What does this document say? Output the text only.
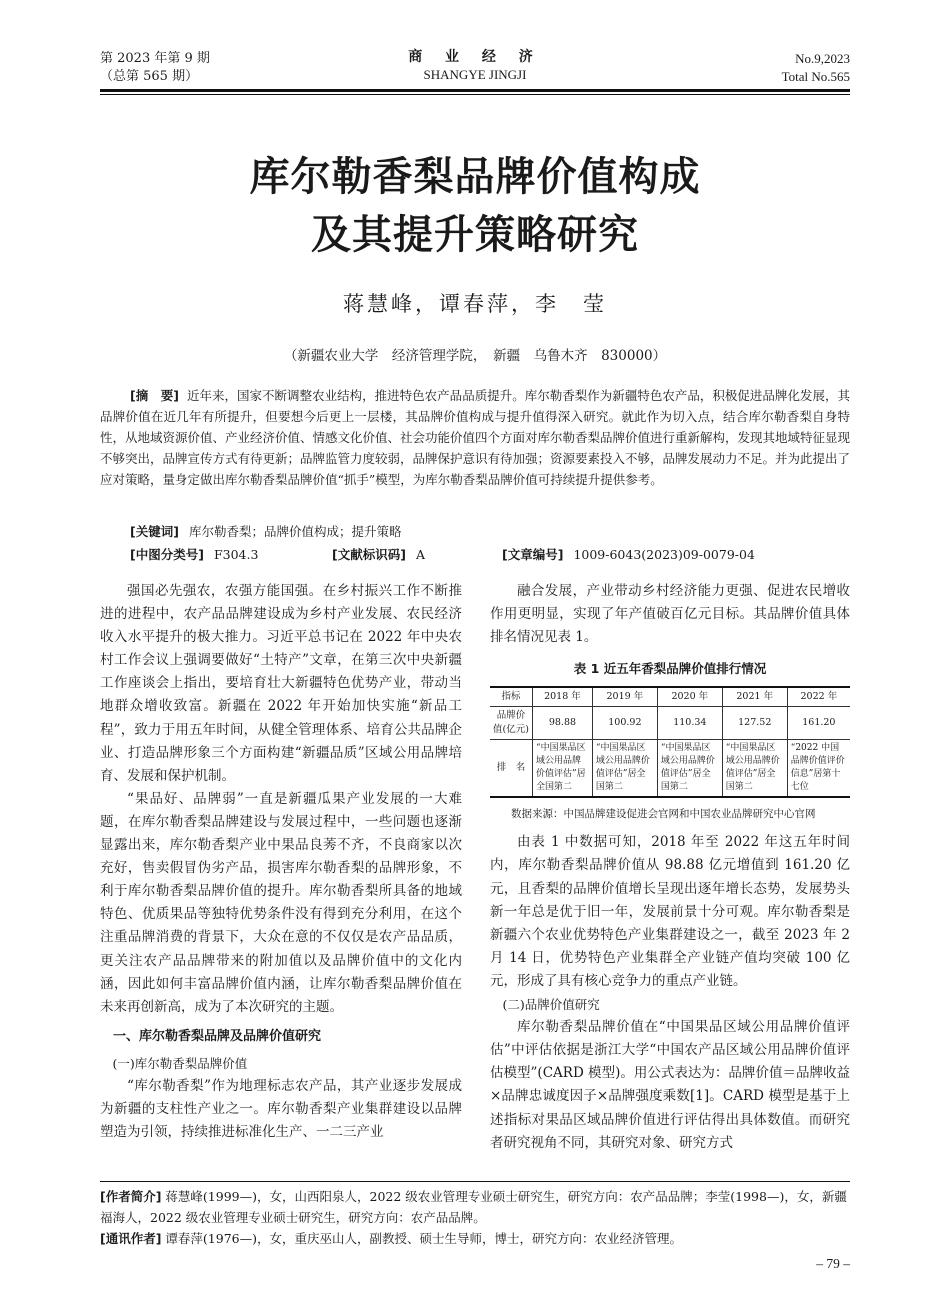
第 2023 年第 9 期
（总第 565 期）
商 业 经 济
SHANGYE JINGJI
No.9,2023
Total No.565
库尔勒香梨品牌价值构成
及其提升策略研究
蒋慧峰，谭春萍，李　莹
（新疆农业大学　经济管理学院，　新疆　乌鲁木齐　830000）
[摘　要] 近年来，国家不断调整农业结构，推进特色农产品品质提升。库尔勒香梨作为新疆特色农产品，积极促进品牌化发展，其品牌价值在近几年有所提升，但要想今后更上一层楼，其品牌价值构成与提升值得深入研究。就此作为切入点，结合库尔勒香梨自身特性，从地域资源价值、产业经济价值、情感文化价值、社会功能价值四个方面对库尔勒香梨品牌价值进行重新解构，发现其地域特征显现不够突出，品牌宣传方式有待更新；品牌监管力度较弱，品牌保护意识有待加强；资源要素投入不够，品牌发展动力不足。并为此提出了应对策略，量身定做出库尔勒香梨品牌价值“抓手”模型，为库尔勒香梨品牌价值可持续提升提供参考。
[关键词] 库尔勒香梨；品牌价值构成；提升策略
[中图分类号] F304.3	[文献标识码] A	[文章编号] 1009-6043(2023)09-0079-04

强国必先强农，农强方能国强。在乡村振兴工作不断推进的进程中，农产品品牌建设成为乡村产业发展、农民经济收入水平提升的极大推力。习近平总书记在 2022 年中央农村工作会议上强调要做好“土特产”文章，在第三次中央新疆工作座谈会上指出，要培育壮大新疆特色优势产业，带动当地群众增收致富。新疆在 2022 年开始加快实施“新品工程”，致力于用五年时间，从健全管理体系、培育公共品牌企业、打造品牌形象三个方面构建“新疆品质”区域公用品牌培育、发展和保护机制。

“果品好、品牌弱”一直是新疆瓜果产业发展的一大难题，在库尔勒香梨品牌建设与发展过程中，一些问题也逐渐显露出来，库尔勒香梨产业中果品良莠不齐，不良商家以次充好，售卖假冒伪劣产品，损害库尔勒香梨的品牌形象，不利于库尔勒香梨品牌价值的提升。库尔勒香梨所具备的地域特色、优质果品等独特优势条件没有得到充分利用，在这个注重品牌消费的背景下，大众在意的不仅仅是农产品品质，更关注农产品品牌带来的附加值以及品牌价值中的文化内涵，因此如何丰富品牌价值内涵，让库尔勒香梨品牌价值在未来再创新高，成为了本次研究的主题。

一、库尔勒香梨品牌及品牌价值研究

(一)库尔勒香梨品牌价值

“库尔勒香梨”作为地理标志农产品，其产业逐步发展成为新疆的支柱性产业之一。库尔勒香梨产业集群建设以品牌塑造为引领，持续推进标准化生产、一二三产业

融合发展，产业带动乡村经济能力更强、促进农民增收作用更明显，实现了年产值破百亿元目标。其品牌价值具体排名情况见表 1。

表 1 近五年香梨品牌价值排行情况
指标	2018 年	2019 年	2020 年	2021 年	2022 年
品牌价值(亿元)	98.88	100.92	110.34	127.52	161.20
排　名	“中国果品区域公用品牌价值评估”居全国第二	“中国果品区域公用品牌价值评估”居全国第二	“中国果品区域公用品牌价值评估”居全国第二	“中国果品区域公用品牌价值评估”居全国第二	“2022 中国品牌价值评价信息”居第十七位
数据来源：中国品牌建设促进会官网和中国农业品牌研究中心官网

由表 1 中数据可知，2018 年至 2022 年这五年时间内，库尔勒香梨品牌价值从 98.88 亿元增值到 161.20 亿元，且香梨的品牌价值增长呈现出逐年增长态势，发展势头新一年总是优于旧一年，发展前景十分可观。库尔勒香梨是新疆六个农业优势特色产业集群建设之一，截至 2023 年 2 月 14 日，优势特色产业集群全产业链产值均突破 100 亿元，形成了具有核心竞争力的重点产业链。

(二)品牌价值研究

库尔勒香梨品牌价值在“中国果品区域公用品牌价值评估”中评估依据是浙江大学“中国农产品区域公用品牌价值评估模型”(CARD 模型)。用公式表达为：品牌价值＝品牌收益×品牌忠诚度因子×品牌强度乘数[1]。CARD 模型是基于上述指标对果品区域品牌价值进行评估得出具体数值。而研究者研究视角不同，其研究对象、研究方式

[作者简介] 蒋慧峰(1999—)，女，山西阳泉人，2022 级农业管理专业硕士研究生，研究方向：农产品品牌；李莹(1998—)，女，新疆福海人，2022 级农业管理专业硕士研究生，研究方向：农产品品牌。
[通讯作者] 谭春萍(1976—)，女，重庆巫山人，副教授、硕士生导师，博士，研究方向：农业经济管理。
– 79 –
